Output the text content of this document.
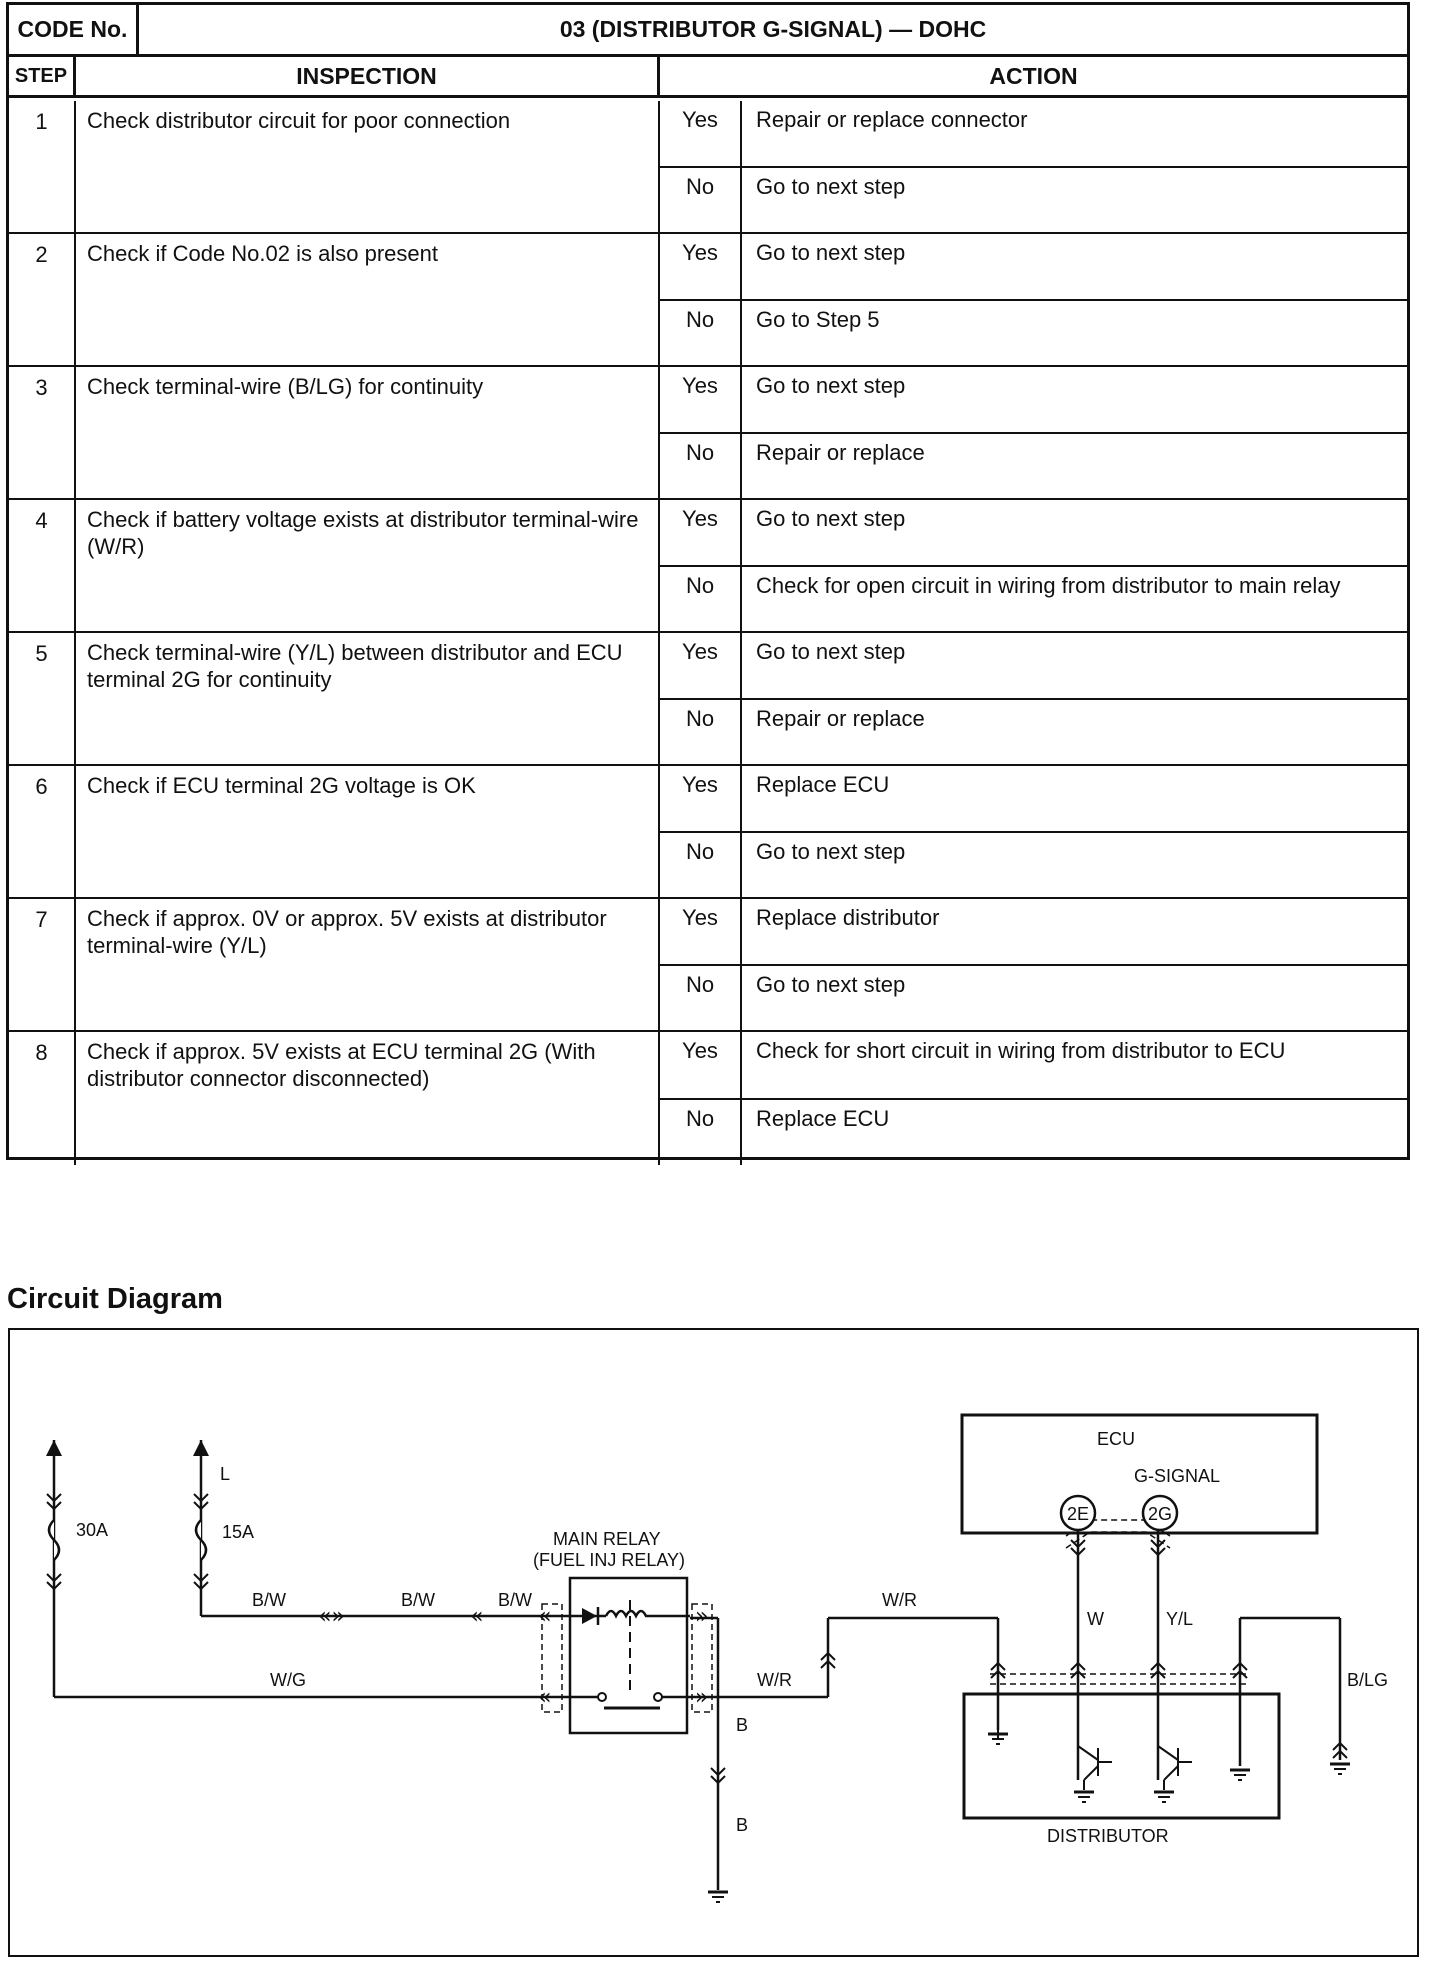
CODE No.	03 (DISTRIBUTOR G-SIGNAL) — DOHC
STEP	INSPECTION	ACTION
1	Check distributor circuit for poor connection	Yes	Repair or replace connector
No	Go to next step
2	Check if Code No.02 is also present	Yes	Go to next step
No	Go to Step 5
3	Check terminal-wire (B/LG) for continuity	Yes	Go to next step
No	Repair or replace
4	Check if battery voltage exists at distributor terminal-wire (W/R)
Yes	Go to next step
No	Check for open circuit in wiring from distributor to main relay
5	Check terminal-wire (Y/L) between distributor and ECU terminal 2G for continuity
Yes	Go to next step
No	Repair or replace
6	Check if ECU terminal 2G voltage is OK	Yes	Replace ECU
No	Go to next step
7	Check if approx. 0V or approx. 5V exists at distributor terminal-wire (Y/L)
Yes	Replace distributor
No	Go to next step
8	Check if approx. 5V exists at ECU terminal 2G (With distributor connector disconnected)
Yes	Check for short circuit in wiring from distributor to ECU
No	Replace ECU
Circuit Diagram
«»	« «
«
»
»
30A	15A
L
B/W	B/W	B/W
W/G
MAIN RELAY
(FUEL INJ RELAY)
W/R
W/R
B
B
ECU
G-SIGNAL
2E	2G
W	Y/L
B/LG
DISTRIBUTOR
